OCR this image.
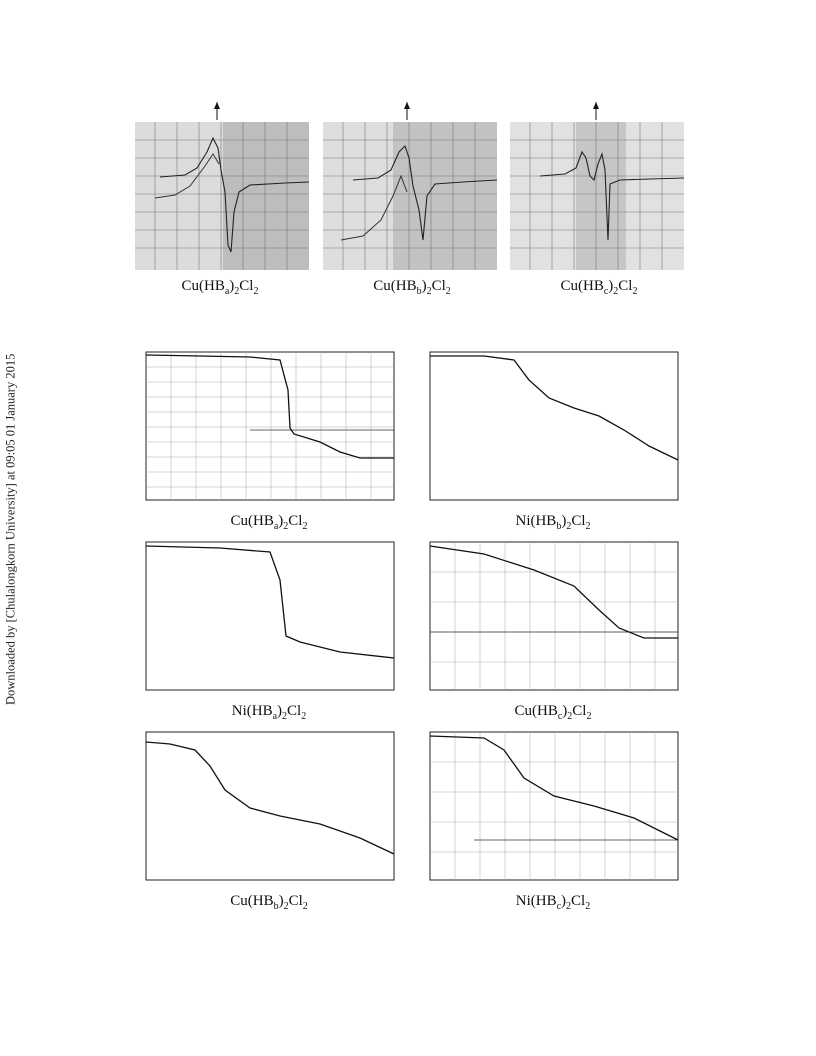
Downloaded by [Chulalongkorn University] at 09:05 01 January 2015
$Cu(HB_a)_2Cl_2$	$Cu(HB_b)_2Cl_2$	$Cu(HB_c)_2Cl_2$
$Cu(HB_a)_2Cl_2$	$Ni(HB_b)_2Cl_2$
$Ni(HB_a)_2Cl_2$	$Cu(HB_c)_2Cl_2$
$Cu(HB_b)_2Cl_2$	$Ni(HB_c)_2Cl_2$
